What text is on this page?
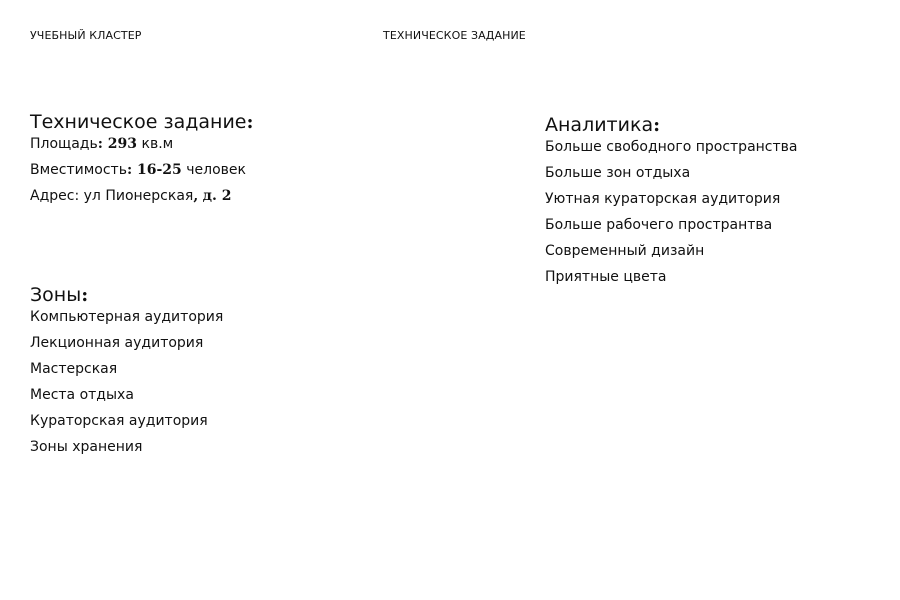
УЧЕБНЫЙ КЛАСТЕР	ТЕХНИЧЕСКОЕ ЗАДАНИЕ
Техническое задание:
Площадь: 293 кв.м
Вместимость: 16-25 человек
Адрес: ул Пионерская, д. 2
Зоны:
Компьютерная аудитория
Лекционная аудитория
Мастерская
Места отдыха
Кураторская аудитория
Зоны хранения
Аналитика:
Больше свободного пространства
Больше зон отдыха
Уютная кураторская аудитория
Больше рабочего пространтва
Современный дизайн
Приятные цвета
